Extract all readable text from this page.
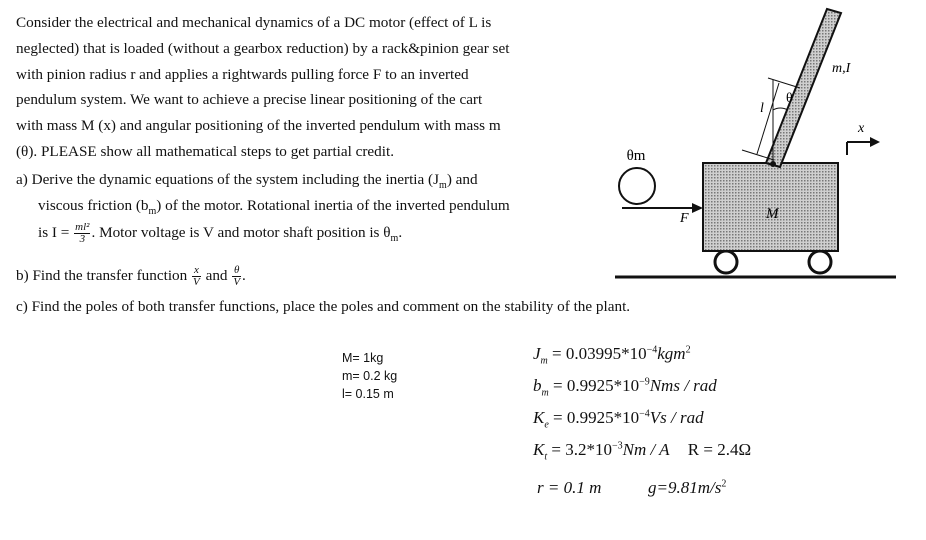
Consider the electrical and mechanical dynamics of a DC motor (effect of L is
neglected) that is loaded (without a gearbox reduction) by a rack&pinion gear set
with pinion radius r and applies a rightwards pulling force F to an inverted
pendulum system. We want to achieve a precise linear positioning of the cart
with mass M (x) and angular positioning of the inverted pendulum with mass m
(θ). PLEASE show all mathematical steps to get partial credit.
a) Derive the dynamic equations of the system including the inertia $(J_m)$ and
viscous friction $(b_m)$ of the motor. Rotational inertia of the inverted pendulum
is $I = \frac{\text{ml²}}{3}$ . Motor voltage is V and motor shaft position is $\theta_m$.
b) Find the transfer function $\frac{x}{V}$ and $\frac{\theta}{V}$ .
c) Find the poles of both transfer functions, place the poles and comment on the stability of the plant.
M= 1kg
m= 0.2 kg
l= 0.15 m
$J_m = 0.03995*10^{-4}kgm^2$
$b_m = 0.9925*10^{-9}Nms$ / rad
$K_e = 0.9925*10^{-4}Vs$ / rad
$K_t = 3.2*10^{-3}Nm / A$ R = 2.4Ω
r = 0.1 m	$g=9.81m/s^2$
θm
F	M
l
θ
m,I
x
